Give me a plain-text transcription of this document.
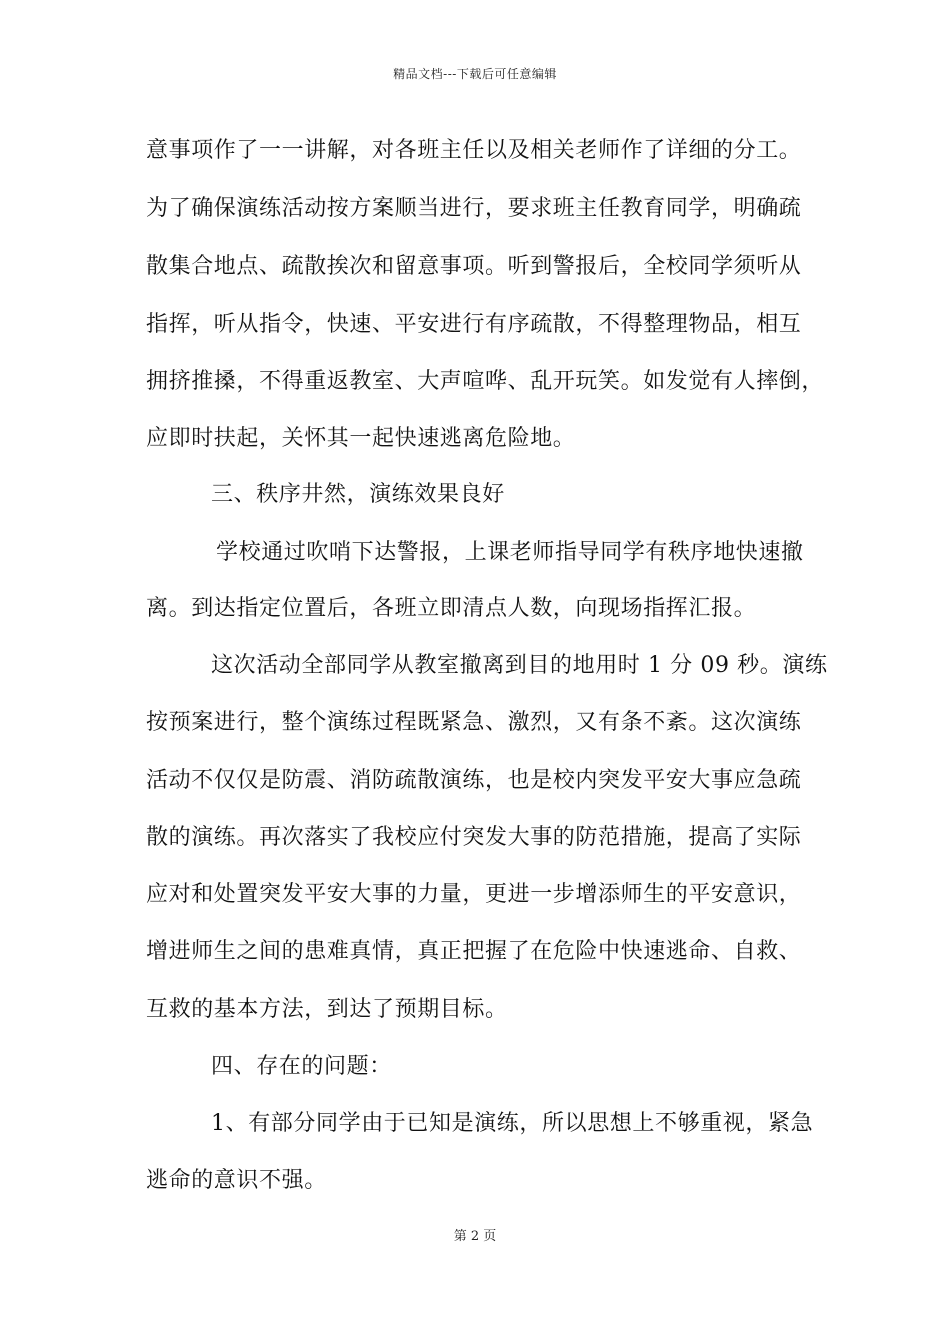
精品文档---下载后可任意编辑
意事项作了一一讲解，对各班主任以及相关老师作了详细的分工。
为了确保演练活动按方案顺当进行，要求班主任教育同学，明确疏
散集合地点、疏散挨次和留意事项。听到警报后，全校同学须听从
指挥，听从指令，快速、平安进行有序疏散，不得整理物品，相互
拥挤推搡，不得重返教室、大声喧哗、乱开玩笑。如发觉有人摔倒，
应即时扶起，关怀其一起快速逃离危险地。
三、秩序井然，演练效果良好
学校通过吹哨下达警报，上课老师指导同学有秩序地快速撤
离。到达指定位置后，各班立即清点人数，向现场指挥汇报。
这次活动全部同学从教室撤离到目的地用时 1 分 09 秒。演练
按预案进行，整个演练过程既紧急、激烈，又有条不紊。这次演练
活动不仅仅是防震、消防疏散演练，也是校内突发平安大事应急疏
散的演练。再次落实了我校应付突发大事的防范措施，提高了实际
应对和处置突发平安大事的力量，更进一步增添师生的平安意识，
增进师生之间的患难真情，真正把握了在危险中快速逃命、自救、
互救的基本方法，到达了预期目标。
四、存在的问题：
1、有部分同学由于已知是演练，所以思想上不够重视，紧急
逃命的意识不强。
第 2 页
